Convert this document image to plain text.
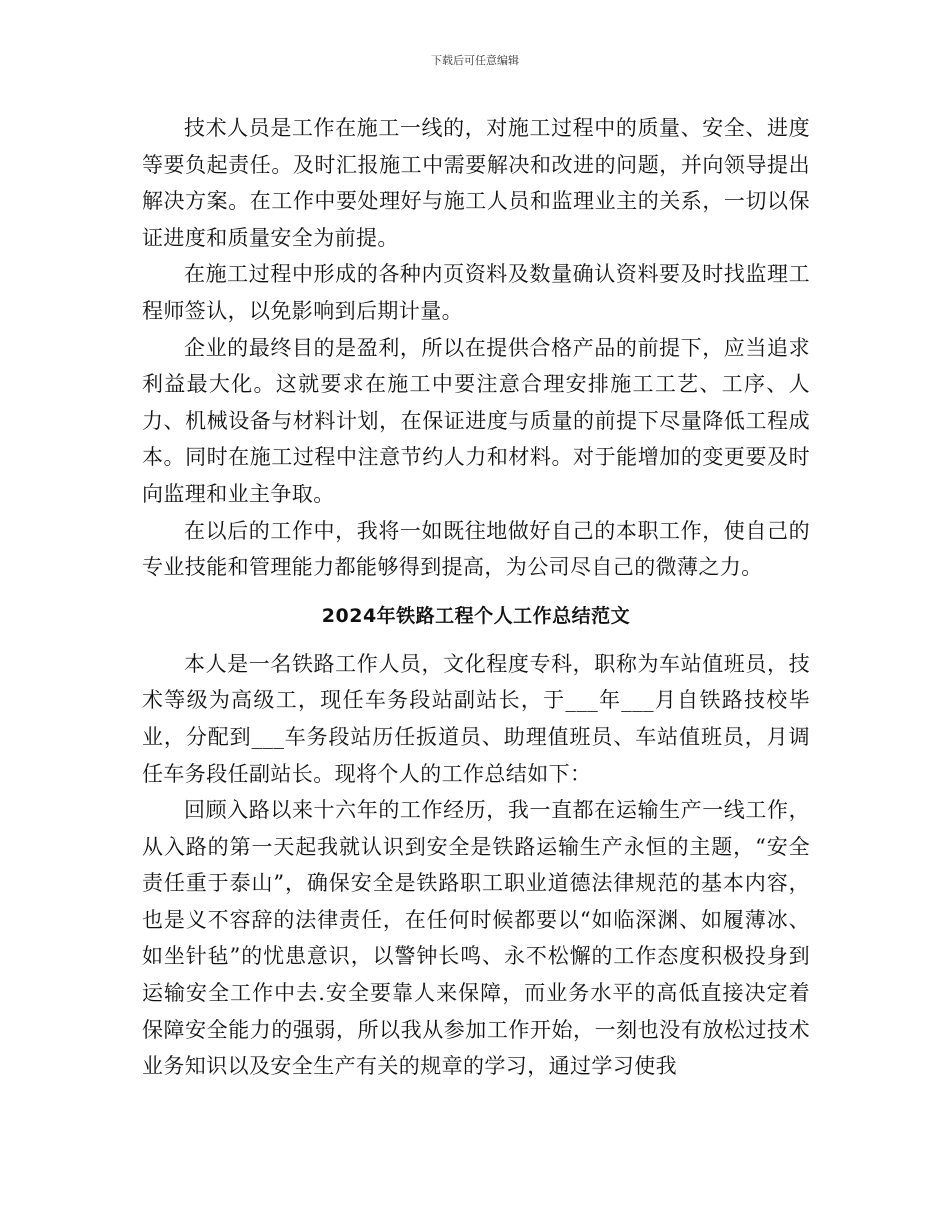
下载后可任意编辑

技术人员是工作在施工一线的，对施工过程中的质量、安全、进度等要负起责任。及时汇报施工中需要解决和改进的问题，并向领导提出解决方案。在工作中要处理好与施工人员和监理业主的关系，一切以保证进度和质量安全为前提。

在施工过程中形成的各种内页资料及数量确认资料要及时找监理工程师签认，以免影响到后期计量。

企业的最终目的是盈利，所以在提供合格产品的前提下，应当追求利益最大化。这就要求在施工中要注意合理安排施工工艺、工序、人力、机械设备与材料计划，在保证进度与质量的前提下尽量降低工程成本。同时在施工过程中注意节约人力和材料。对于能增加的变更要及时向监理和业主争取。

在以后的工作中，我将一如既往地做好自己的本职工作，使自己的专业技能和管理能力都能够得到提高，为公司尽自己的微薄之力。

2024年铁路工程个人工作总结范文

本人是一名铁路工作人员，文化程度专科，职称为车站值班员，技术等级为高级工，现任车务段站副站长，于___年___月自铁路技校毕业，分配到___车务段站历任扳道员、助理值班员、车站值班员，月调任车务段任副站长。现将个人的工作总结如下：

回顾入路以来十六年的工作经历，我一直都在运输生产一线工作，从入路的第一天起我就认识到安全是铁路运输生产永恒的主题，“安全责任重于泰山”，确保安全是铁路职工职业道德法律规范的基本内容，也是义不容辞的法律责任，在任何时候都要以“如临深渊、如履薄冰、如坐针毡”的忧患意识，以警钟长鸣、永不松懈的工作态度积极投身到运输安全工作中去.安全要靠人来保障，而业务水平的高低直接决定着保障安全能力的强弱，所以我从参加工作开始，一刻也没有放松过技术业务知识以及安全生产有关的规章的学习，通过学习使我
